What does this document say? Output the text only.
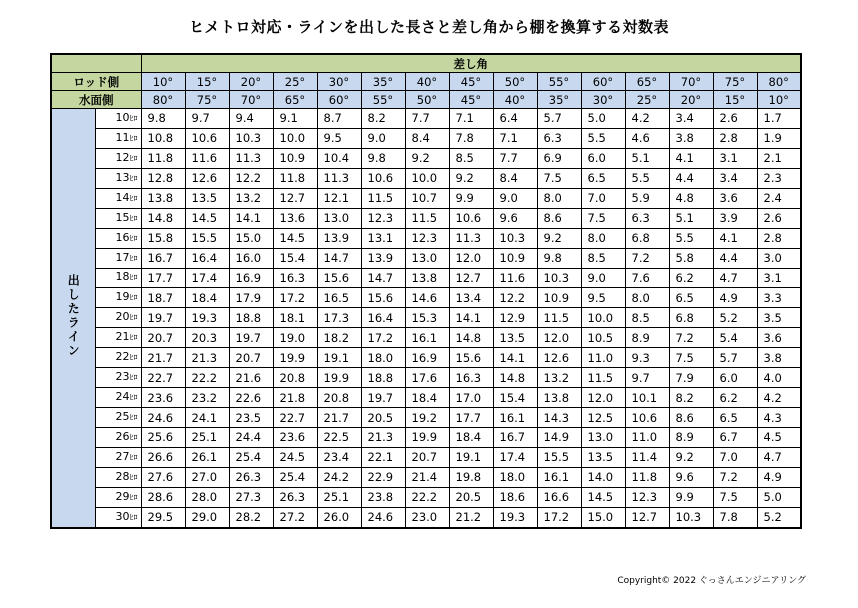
ヒメトロ対応・ラインを出した長さと差し角から棚を換算する対数表
		差し角														
ロッド側		10°	15°	20°	25°	30°	35°	40°	45°	50°	55°	60°	65°	70°	75°	80°
水面側		80°	75°	70°	65°	60°	55°	50°	45°	40°	35°	30°	25°	20°	15°	10°
出したライン	10ﾋﾛ	9.8	9.7	9.4	9.1	8.7	8.2	7.7	7.1	6.4	5.7	5.0	4.2	3.4	2.6	1.7
	11ﾋﾛ	10.8	10.6	10.3	10.0	9.5	9.0	8.4	7.8	7.1	6.3	5.5	4.6	3.8	2.8	1.9
	12ﾋﾛ	11.8	11.6	11.3	10.9	10.4	9.8	9.2	8.5	7.7	6.9	6.0	5.1	4.1	3.1	2.1
	13ﾋﾛ	12.8	12.6	12.2	11.8	11.3	10.6	10.0	9.2	8.4	7.5	6.5	5.5	4.4	3.4	2.3
	14ﾋﾛ	13.8	13.5	13.2	12.7	12.1	11.5	10.7	9.9	9.0	8.0	7.0	5.9	4.8	3.6	2.4
	15ﾋﾛ	14.8	14.5	14.1	13.6	13.0	12.3	11.5	10.6	9.6	8.6	7.5	6.3	5.1	3.9	2.6
	16ﾋﾛ	15.8	15.5	15.0	14.5	13.9	13.1	12.3	11.3	10.3	9.2	8.0	6.8	5.5	4.1	2.8
	17ﾋﾛ	16.7	16.4	16.0	15.4	14.7	13.9	13.0	12.0	10.9	9.8	8.5	7.2	5.8	4.4	3.0
	18ﾋﾛ	17.7	17.4	16.9	16.3	15.6	14.7	13.8	12.7	11.6	10.3	9.0	7.6	6.2	4.7	3.1
	19ﾋﾛ	18.7	18.4	17.9	17.2	16.5	15.6	14.6	13.4	12.2	10.9	9.5	8.0	6.5	4.9	3.3
	20ﾋﾛ	19.7	19.3	18.8	18.1	17.3	16.4	15.3	14.1	12.9	11.5	10.0	8.5	6.8	5.2	3.5
	21ﾋﾛ	20.7	20.3	19.7	19.0	18.2	17.2	16.1	14.8	13.5	12.0	10.5	8.9	7.2	5.4	3.6
	22ﾋﾛ	21.7	21.3	20.7	19.9	19.1	18.0	16.9	15.6	14.1	12.6	11.0	9.3	7.5	5.7	3.8
	23ﾋﾛ	22.7	22.2	21.6	20.8	19.9	18.8	17.6	16.3	14.8	13.2	11.5	9.7	7.9	6.0	4.0
	24ﾋﾛ	23.6	23.2	22.6	21.8	20.8	19.7	18.4	17.0	15.4	13.8	12.0	10.1	8.2	6.2	4.2
	25ﾋﾛ	24.6	24.1	23.5	22.7	21.7	20.5	19.2	17.7	16.1	14.3	12.5	10.6	8.6	6.5	4.3
	26ﾋﾛ	25.6	25.1	24.4	23.6	22.5	21.3	19.9	18.4	16.7	14.9	13.0	11.0	8.9	6.7	4.5
	27ﾋﾛ	26.6	26.1	25.4	24.5	23.4	22.1	20.7	19.1	17.4	15.5	13.5	11.4	9.2	7.0	4.7
	28ﾋﾛ	27.6	27.0	26.3	25.4	24.2	22.9	21.4	19.8	18.0	16.1	14.0	11.8	9.6	7.2	4.9
	29ﾋﾛ	28.6	28.0	27.3	26.3	25.1	23.8	22.2	20.5	18.6	16.6	14.5	12.3	9.9	7.5	5.0
	30ﾋﾛ	29.5	29.0	28.2	27.2	26.0	24.6	23.0	21.2	19.3	17.2	15.0	12.7	10.3	7.8	5.2
Copyright© 2022 ぐっさんエンジニアリング
